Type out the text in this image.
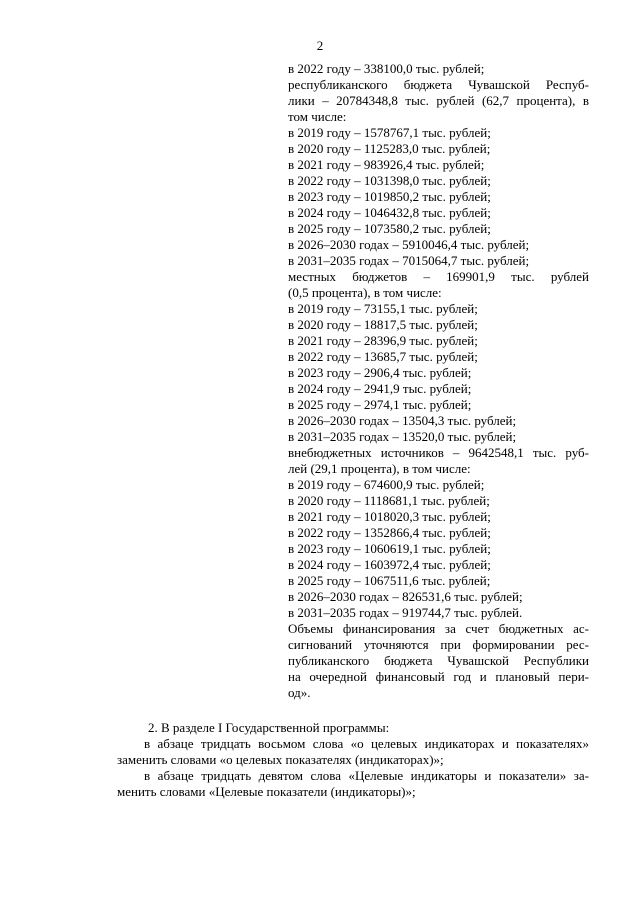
2
в 2022 году – 338100,0 тыс. рублей;
республиканского бюджета Чувашской Респуб-
лики – 20784348,8 тыс. рублей (62,7 процента), в
том числе:
в 2019 году – 1578767,1 тыс. рублей;
в 2020 году – 1125283,0 тыс. рублей;
в 2021 году – 983926,4 тыс. рублей;
в 2022 году – 1031398,0 тыс. рублей;
в 2023 году – 1019850,2 тыс. рублей;
в 2024 году – 1046432,8 тыс. рублей;
в 2025 году – 1073580,2 тыс. рублей;
в 2026–2030 годах – 5910046,4 тыс. рублей;
в 2031–2035 годах – 7015064,7 тыс. рублей;
местных бюджетов – 169901,9 тыс. рублей
(0,5 процента), в том числе:
в 2019 году – 73155,1 тыс. рублей;
в 2020 году – 18817,5 тыс. рублей;
в 2021 году – 28396,9 тыс. рублей;
в 2022 году – 13685,7 тыс. рублей;
в 2023 году – 2906,4 тыс. рублей;
в 2024 году – 2941,9 тыс. рублей;
в 2025 году – 2974,1 тыс. рублей;
в 2026–2030 годах – 13504,3 тыс. рублей;
в 2031–2035 годах – 13520,0 тыс. рублей;
внебюджетных источников – 9642548,1 тыс. руб-
лей (29,1 процента), в том числе:
в 2019 году – 674600,9 тыс. рублей;
в 2020 году – 1118681,1 тыс. рублей;
в 2021 году – 1018020,3 тыс. рублей;
в 2022 году – 1352866,4 тыс. рублей;
в 2023 году – 1060619,1 тыс. рублей;
в 2024 году – 1603972,4 тыс. рублей;
в 2025 году – 1067511,6 тыс. рублей;
в 2026–2030 годах – 826531,6 тыс. рублей;
в 2031–2035 годах – 919744,7 тыс. рублей.
Объемы финансирования за счет бюджетных ас-
сигнований уточняются при формировании рес-
публиканского бюджета Чувашской Республики
на очередной финансовый год и плановый пери-
од».
2. В разделе I Государственной программы:
в абзаце тридцать восьмом слова «о целевых индикаторах и показателях»
заменить словами «о целевых показателях (индикаторах)»;
в абзаце тридцать девятом слова «Целевые индикаторы и показатели» за-
менить словами «Целевые показатели (индикаторы)»;
